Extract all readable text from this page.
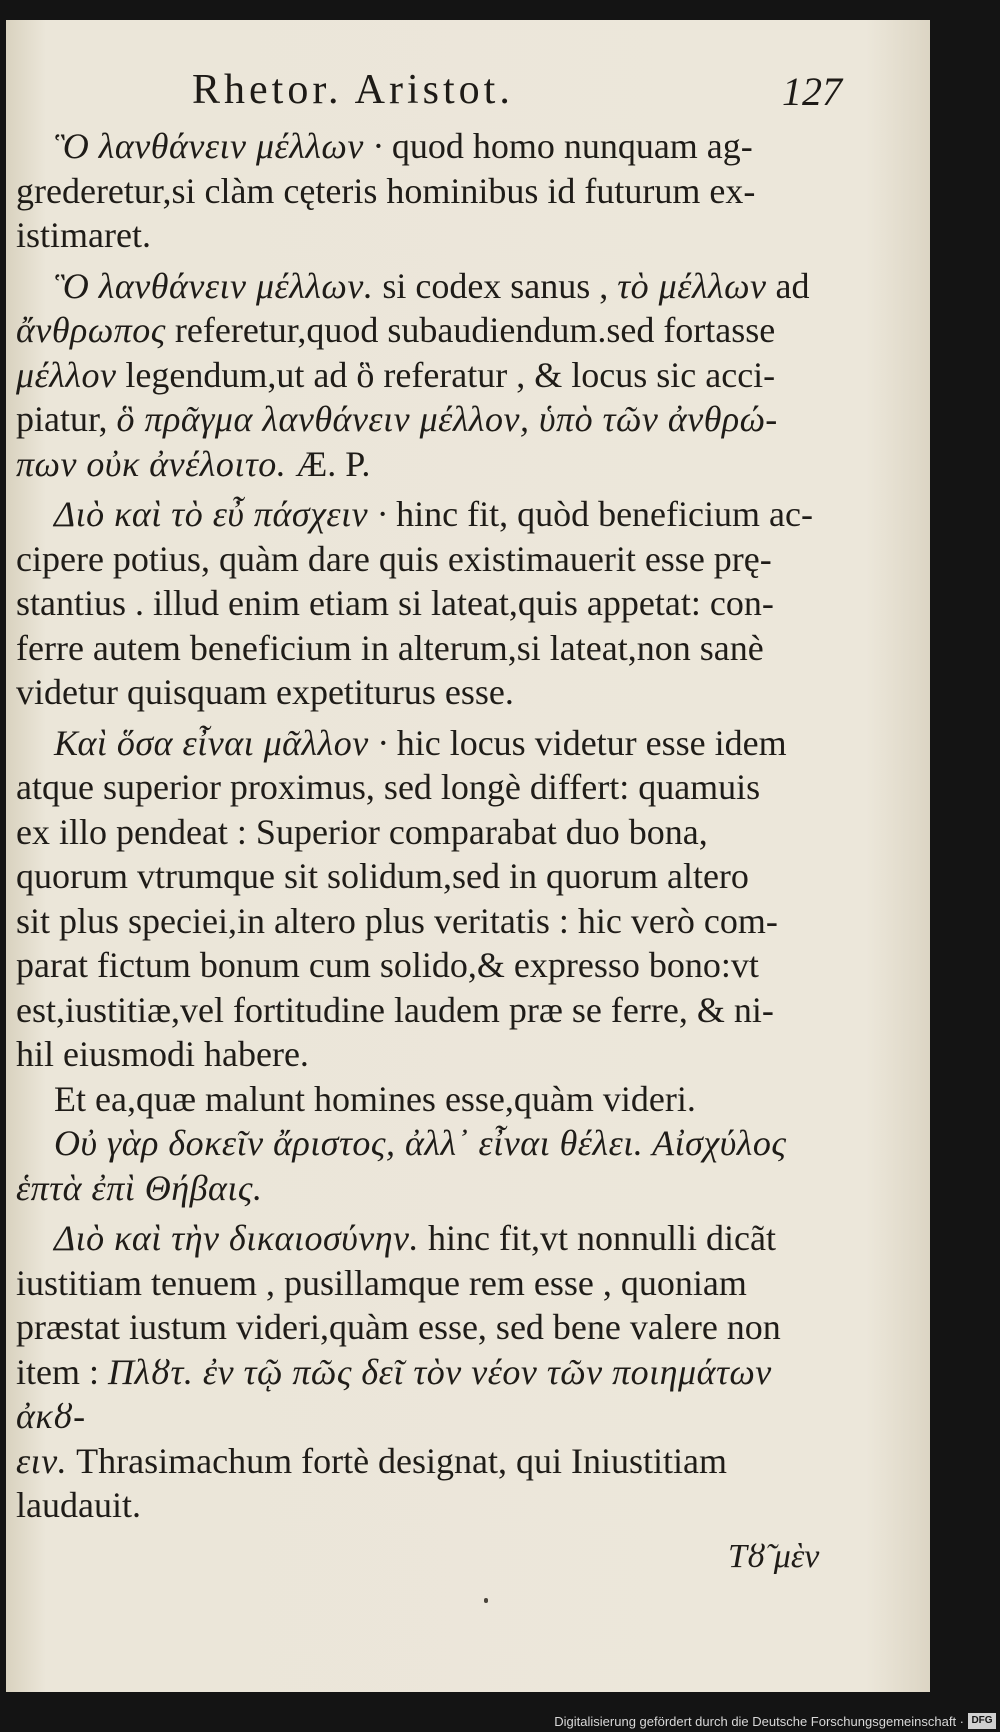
Rhetor. Aristot.	127
Ὃ λανθάνειν μέλλων · quod homo nunquam ag-
grederetur,si clàm cęteris hominibus id futurum ex-
istimaret.
Ὃ λανθάνειν μέλλων. si codex sanus , τὸ μέλλων ad
ἄνθρωπος referetur,quod subaudiendum.sed fortasse
μέλλον legendum,ut ad ὃ referatur , & locus sic acci-
piatur, ὃ πρᾶγμα λανθάνειν μέλλον, ὑπὸ τῶν ἀνθρώ-
πων οὐκ ἀνέλοιτο. Æ. P.
Διὸ καὶ τὸ εὖ πάσχειν · hinc fit, quòd beneficium ac-
cipere potius, quàm dare quis existimauerit esse prę-
stantius . illud enim etiam si lateat,quis appetat: con-
ferre autem beneficium in alterum,si lateat,non sanè
videtur quisquam expetiturus esse.
Καὶ ὅσα εἶναι μᾶλλον · hic locus videtur esse idem
atque superior proximus, sed longè differt: quamuis
ex illo pendeat : Superior comparabat duo bona,
quorum vtrumque sit solidum,sed in quorum altero
sit plus speciei,in altero plus veritatis : hic verò com-
parat fictum bonum cum solido,& expresso bono:vt
est,iustitiæ,vel fortitudine laudem præ se ferre, & ni-
hil eiusmodi habere.
Et ea,quæ malunt homines esse,quàm videri.
Οὐ γὰρ δοκεῖν ἄριστος, ἀλλ᾿ εἶναι θέλει. Αἰσχύλος
ἑπτὰ ἐπὶ Θήβαις.
Διὸ καὶ τὴν δικαιοσύνην. hinc fit,vt nonnulli dicãt
iustitiam tenuem , pusillamque rem esse , quoniam
præstat iustum videri,quàm esse, sed bene valere non
item : Πλȣτ. ἐν τῷ πῶς δεῖ τὸν νέον τῶν ποιημάτων ἀκȣ-
ειν. Thrasimachum fortè designat, qui Iniustitiam
laudauit.
Τȣ̃ μὲν
Digitalisierung gefördert durch die Deutsche Forschungsgemeinschaft · DFG
